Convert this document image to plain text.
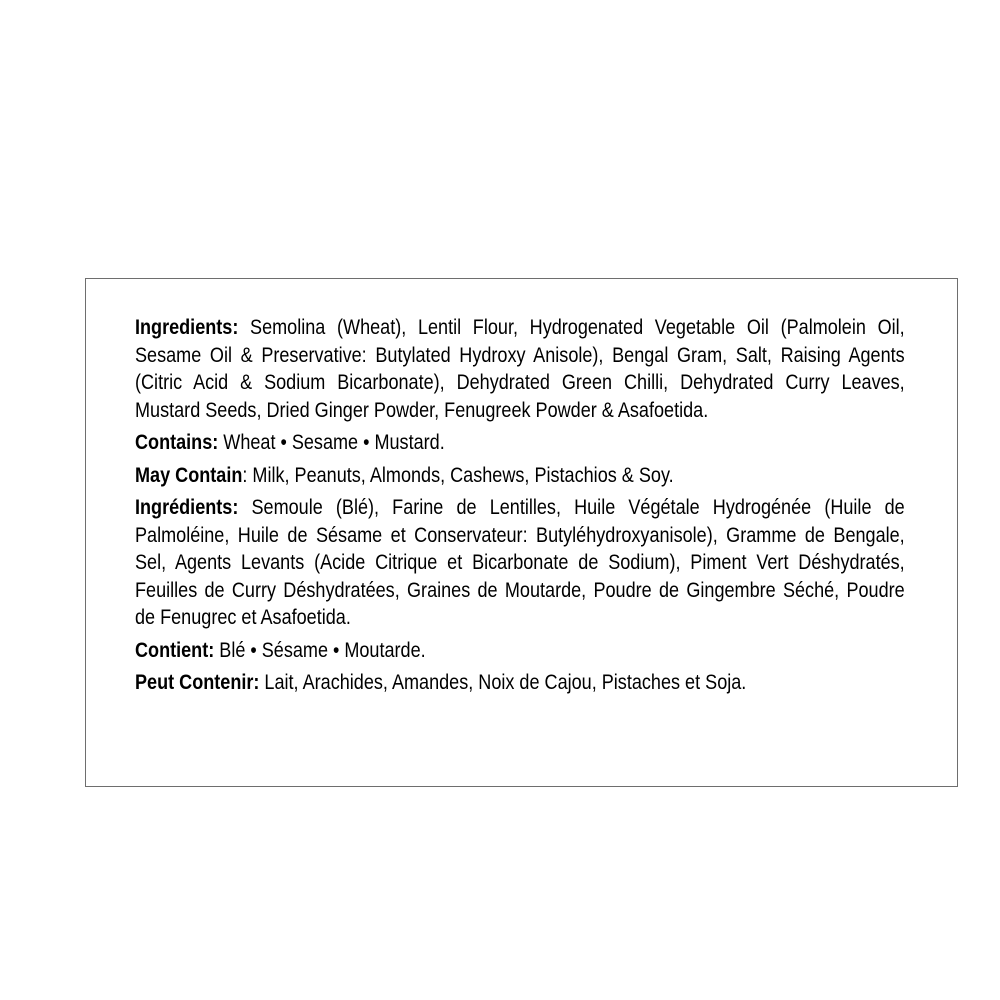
Ingredients: Semolina (Wheat), Lentil Flour, Hydrogenated Vegetable Oil (Palmolein Oil, Sesame Oil & Preservative: Butylated Hydroxy Anisole), Bengal Gram, Salt, Raising Agents (Citric Acid & Sodium Bicarbonate), Dehydrated Green Chilli, Dehydrated Curry Leaves, Mustard Seeds, Dried Ginger Powder, Fenugreek Powder & Asafoetida.

Contains: Wheat • Sesame • Mustard.

May Contain: Milk, Peanuts, Almonds, Cashews, Pistachios & Soy.

Ingrédients: Semoule (Blé), Farine de Lentilles, Huile Végétale Hydrogénée (Huile de Palmoléine, Huile de Sésame et Conservateur: Butyléhydroxyanisole), Gramme de Bengale, Sel, Agents Levants (Acide Citrique et Bicarbonate de Sodium), Piment Vert Déshydratés, Feuilles de Curry Déshydratées, Graines de Moutarde, Poudre de Gingembre Séché, Poudre de Fenugrec et Asafoetida.

Contient: Blé • Sésame • Moutarde.

Peut Contenir: Lait, Arachides, Amandes, Noix de Cajou, Pistaches et Soja.
